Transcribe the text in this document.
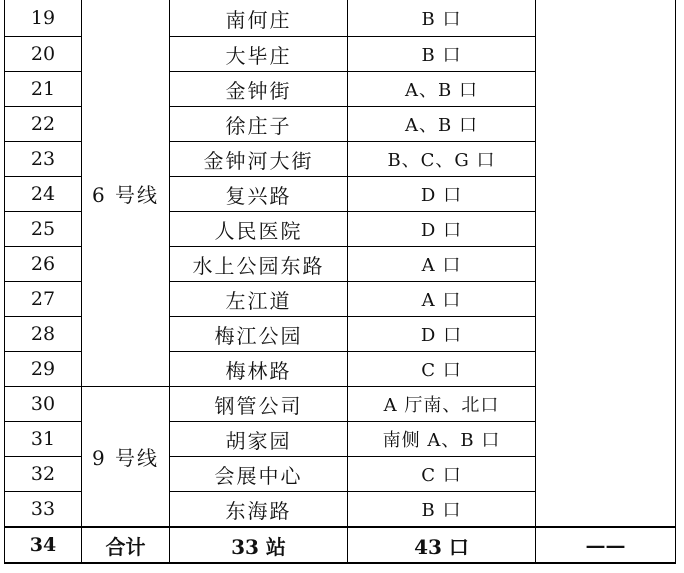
19	6 号线	南何庄	B 口	
20		大毕庄	B 口	
21		金钟街	A、B 口	
22		徐庄子	A、B 口	
23		金钟河大街	B、C、G 口	
24		复兴路	D 口	
25		人民医院	D 口	
26		水上公园东路	A 口	
27		左江道	A 口	
28		梅江公园	D 口	
29		梅林路	C 口	
30	9 号线	钢管公司	A 厅南、北口	
31		胡家园	南侧 A、B 口	
32		会展中心	C 口	
33		东海路	B 口	
34	合计	33 站	43 口	——
